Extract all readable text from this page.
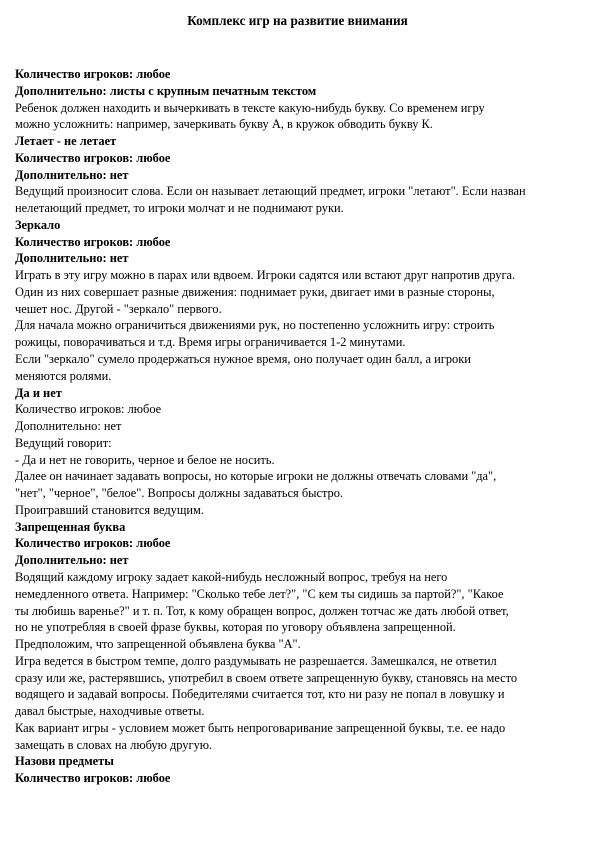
Комплекс игр на развитие внимания
Количество игроков: любое
Дополнительно: листы с крупным печатным текстом
Ребенок должен находить и вычеркивать в тексте какую-нибудь букву. Со временем игру
можно усложнить: например, зачеркивать букву А, в кружок обводить букву К.
Летает - не летает
Количество игроков: любое
Дополнительно: нет
Ведущий произносит слова. Если он называет летающий предмет, игроки "летают". Если назван
нелетающий предмет, то игроки молчат и не поднимают руки.
Зеркало
Количество игроков: любое
Дополнительно: нет
Играть в эту игру можно в парах или вдвоем. Игроки садятся или встают друг напротив друга.
Один из них совершает разные движения: поднимает руки, двигает ими в разные стороны,
чешет нос. Другой - "зеркало" первого.
Для начала можно ограничиться движениями рук, но постепенно усложнить игру: строить
рожицы, поворачиваться и т.д. Время игры ограничивается 1-2 минутами.
Если "зеркало" сумело продержаться нужное время, оно получает один балл, а игроки
меняются ролями.
Да и нет
Количество игроков: любое
Дополнительно: нет
Ведущий говорит:
- Да и нет не говорить, черное и белое не носить.
Далее он начинает задавать вопросы, но которые игроки не должны отвечать словами "да",
"нет", "черное", "белое". Вопросы должны задаваться быстро.
Проигравший становится ведущим.
Запрещенная буква
Количество игроков: любое
Дополнительно: нет
Водящий каждому игроку задает какой-нибудь несложный вопрос, требуя на него
немедленного ответа. Например: "Сколько тебе лет?", "С кем ты сидишь за партой?", "Какое
ты любишь варенье?" и т. п. Тот, к кому обращен вопрос, должен тотчас же дать любой ответ,
но не употребляя в своей фразе буквы, которая по уговору объявлена запрещенной.
Предположим, что запрещенной объявлена буква "А".
Игра ведется в быстром темпе, долго раздумывать не разрешается. Замешкался, не ответил
сразу или же, растерявшись, употребил в своем ответе запрещенную букву, становясь на место
водящего и задавай вопросы. Победителями считается тот, кто ни разу не попал в ловушку и
давал быстрые, находчивые ответы.
Как вариант игры - условием может быть непроговаривание запрещенной буквы, т.е. ее надо
замещать в словах на любую другую.
Назови предметы
Количество игроков: любое
